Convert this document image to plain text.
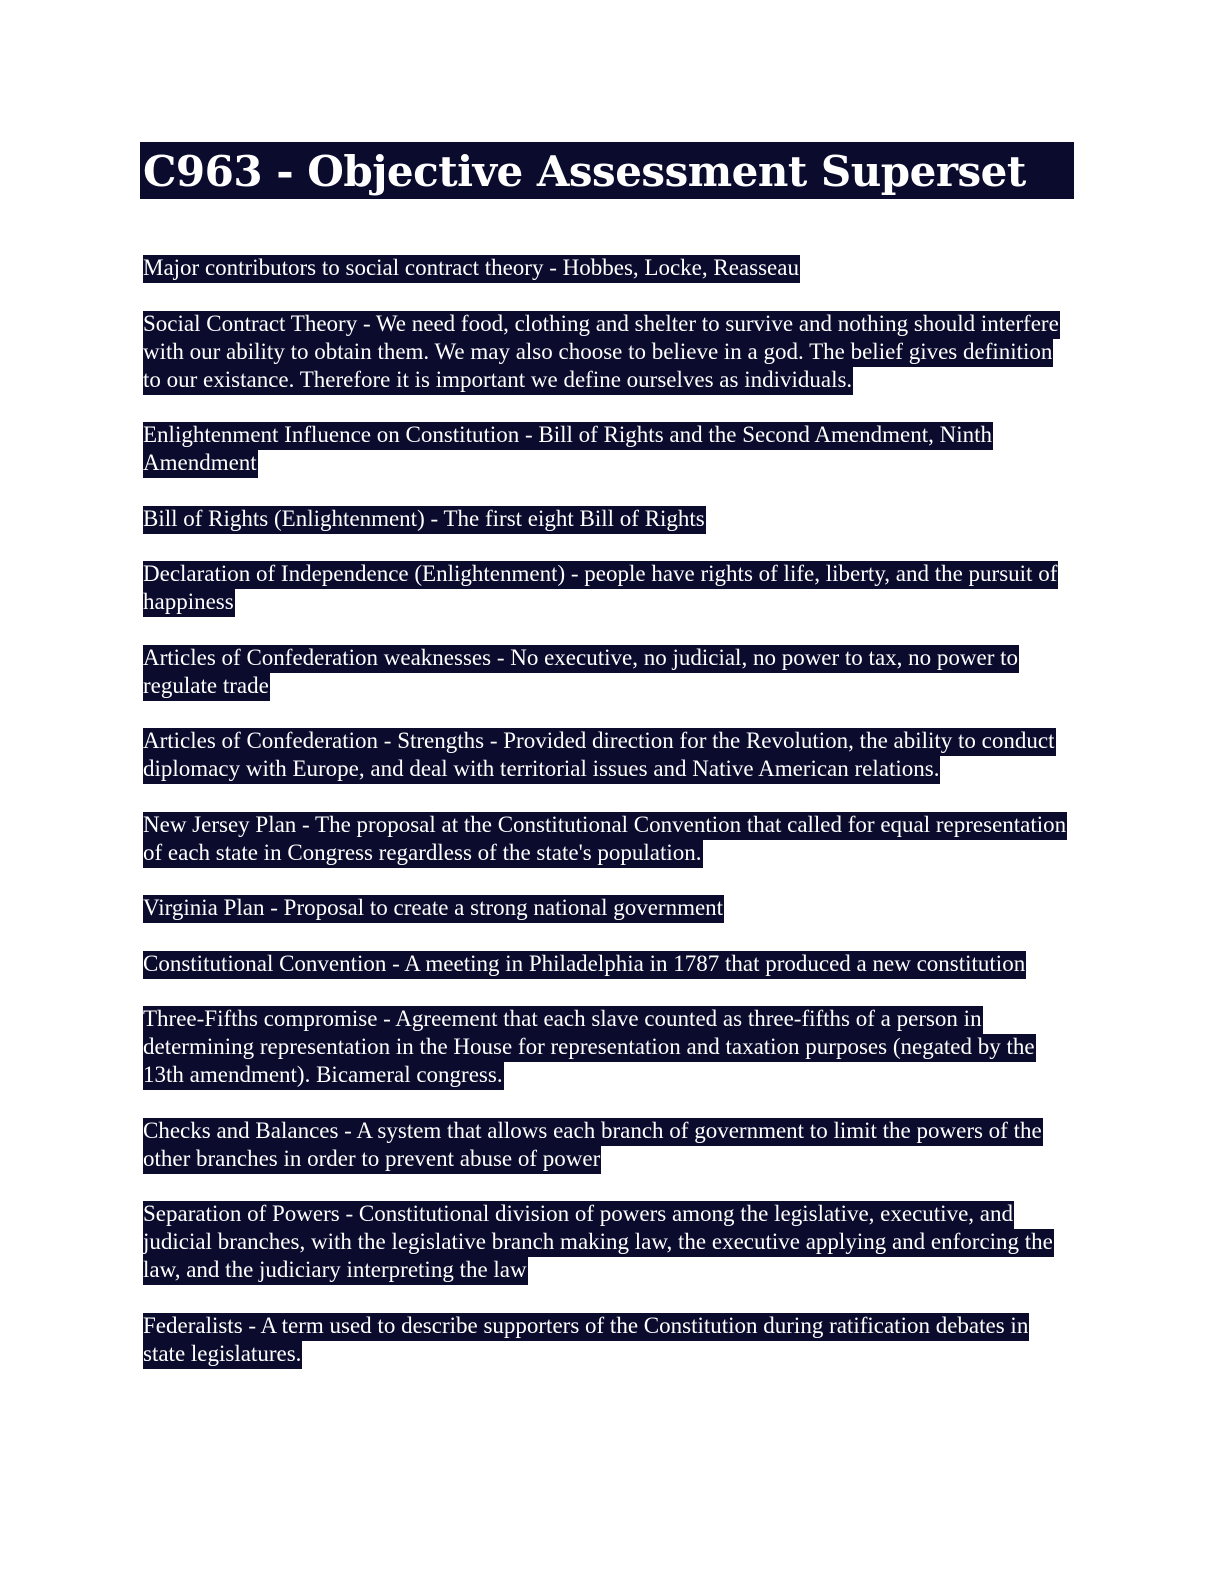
C963 - Objective Assessment Superset

Major contributors to social contract theory - Hobbes, Locke, Reasseau

Social Contract Theory - We need food, clothing and shelter to survive and nothing should interfere with our ability to obtain them. We may also choose to believe in a god. The belief gives definition to our existance. Therefore it is important we define ourselves as individuals.

Enlightenment Influence on Constitution - Bill of Rights and the Second Amendment, Ninth Amendment

Bill of Rights (Enlightenment) - The first eight Bill of Rights

Declaration of Independence (Enlightenment) - people have rights of life, liberty, and the pursuit of happiness

Articles of Confederation weaknesses - No executive, no judicial, no power to tax, no power to regulate trade

Articles of Confederation - Strengths - Provided direction for the Revolution, the ability to conduct diplomacy with Europe, and deal with territorial issues and Native American relations.

New Jersey Plan - The proposal at the Constitutional Convention that called for equal representation of each state in Congress regardless of the state's population.

Virginia Plan - Proposal to create a strong national government

Constitutional Convention - A meeting in Philadelphia in 1787 that produced a new constitution

Three-Fifths compromise - Agreement that each slave counted as three-fifths of a person in determining representation in the House for representation and taxation purposes (negated by the 13th amendment). Bicameral congress.

Checks and Balances - A system that allows each branch of government to limit the powers of the other branches in order to prevent abuse of power

Separation of Powers - Constitutional division of powers among the legislative, executive, and judicial branches, with the legislative branch making law, the executive applying and enforcing the law, and the judiciary interpreting the law

Federalists - A term used to describe supporters of the Constitution during ratification debates in state legislatures.
